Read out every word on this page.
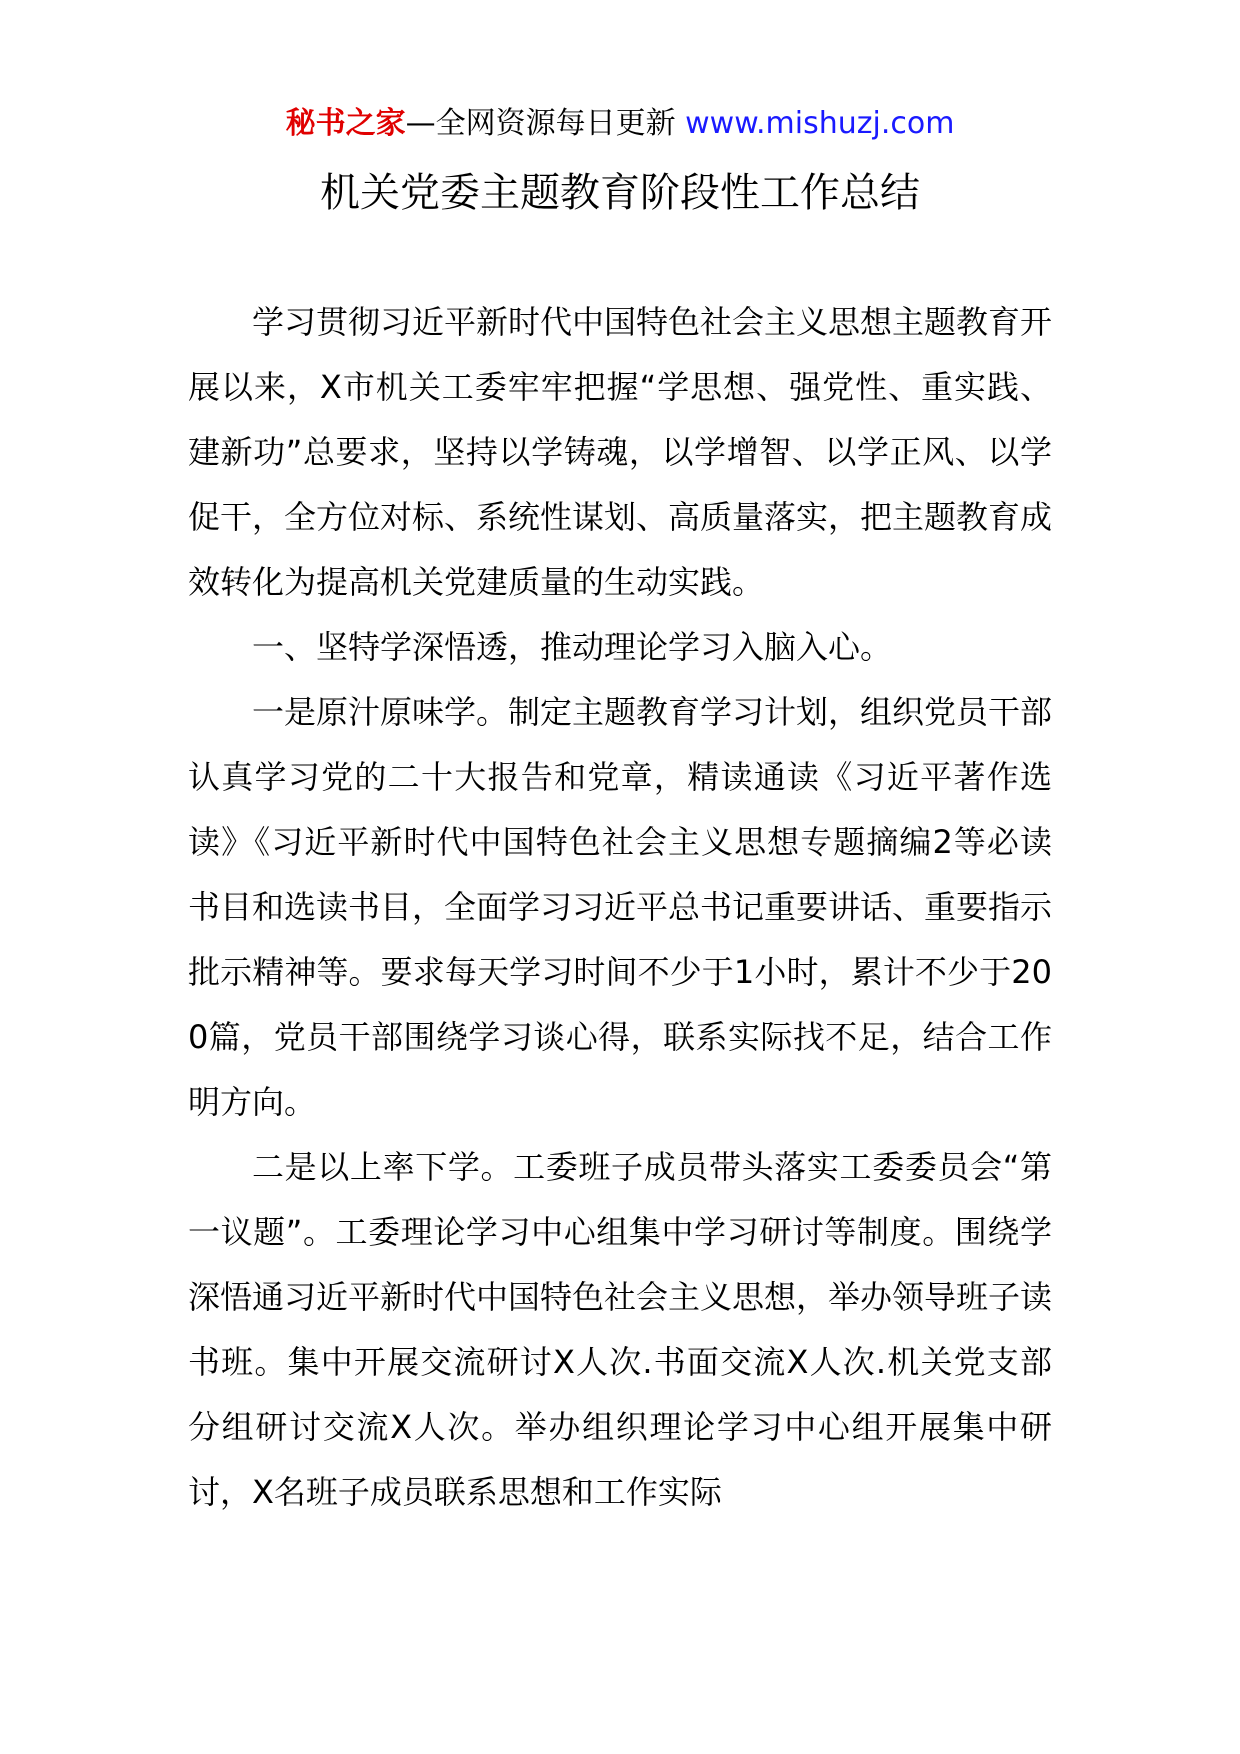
秘书之家—全网资源每日更新 www.mishuzj.com
机关党委主题教育阶段性工作总结

学习贯彻习近平新时代中国特色社会主义思想主题教育开展以来，X市机关工委牢牢把握“学思想、强党性、重实践、建新功”总要求，坚持以学铸魂，以学增智、以学正风、以学促干，全方位对标、系统性谋划、高质量落实，把主题教育成效转化为提高机关党建质量的生动实践。

一、坚特学深悟透，推动理论学习入脑入心。

一是原汁原味学。制定主题教育学习计划，组织党员干部认真学习党的二十大报告和党章，精读通读《习近平著作选读》《习近平新时代中国特色社会主义思想专题摘编2等必读书目和选读书目，全面学习习近平总书记重要讲话、重要指示批示精神等。要求每天学习时间不少于1小时，累计不少于200篇，党员干部围绕学习谈心得，联系实际找不足，结合工作明方向。

二是以上率下学。工委班子成员带头落实工委委员会“第一议题”。工委理论学习中心组集中学习研讨等制度。围绕学深悟通习近平新时代中国特色社会主义思想，举办领导班子读书班。集中开展交流研讨X人次.书面交流X人次.机关党支部分组研讨交流X人次。举办组织理论学习中心组开展集中研讨，X名班子成员联系思想和工作实际
